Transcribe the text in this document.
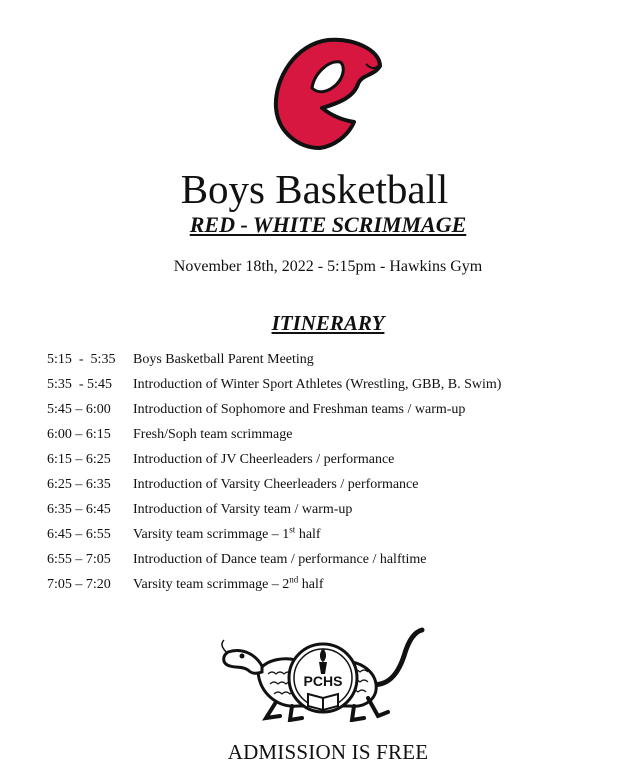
Boys Basketball
RED - WHITE SCRIMMAGE
November 18th, 2022 - 5:15pm - Hawkins Gym
ITINERARY
5:15  -  5:35 Boys Basketball Parent Meeting
5:35  - 5:45 Introduction of Winter Sport Athletes (Wrestling, GBB, B. Swim)
5:45 – 6:00 Introduction of Sophomore and Freshman teams / warm-up
6:00 – 6:15 Fresh/Soph team scrimmage
6:15 – 6:25 Introduction of JV Cheerleaders / performance
6:25 – 6:35 Introduction of Varsity Cheerleaders / performance
6:35 – 6:45 Introduction of Varsity team / warm-up
6:45 – 6:55 Varsity team scrimmage – 1st half
6:55 – 7:05 Introduction of Dance team / performance / halftime
7:05 – 7:20 Varsity team scrimmage – 2nd half
PCHS
ADMISSION IS FREE
